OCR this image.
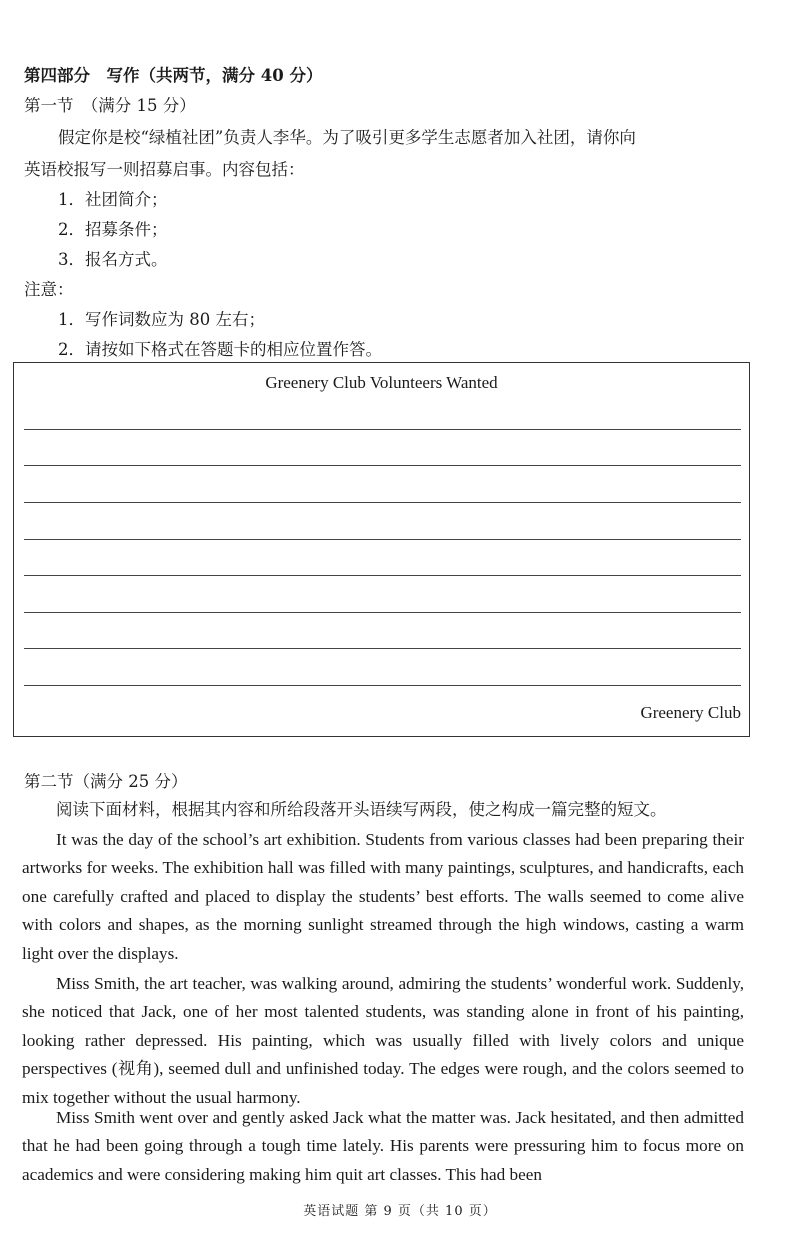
第四部分　写作（共两节，满分 40 分）
第一节　（满分 15 分）
假定你是校“绿植社团”负责人李华。为了吸引更多学生志愿者加入社团，请你向
英语校报写一则招募启事。内容包括：
1．社团简介；
2．招募条件；
3．报名方式。
注意：
1．写作词数应为 80 左右；
2．请按如下格式在答题卡的相应位置作答。
Greenery Club Volunteers Wanted
Greenery Club
第二节（满分 25 分）
阅读下面材料，根据其内容和所给段落开头语续写两段，使之构成一篇完整的短文。
It was the day of the school’s art exhibition. Students from various classes had been preparing their artworks for weeks. The exhibition hall was filled with many paintings, sculptures, and handicrafts, each one carefully crafted and placed to display the students’ best efforts. The walls seemed to come alive with colors and shapes, as the morning sunlight streamed through the high windows, casting a warm light over the displays.
Miss Smith, the art teacher, was walking around, admiring the students’ wonderful work. Suddenly, she noticed that Jack, one of her most talented students, was standing alone in front of his painting, looking rather depressed. His painting, which was usually filled with lively colors and unique perspectives (视角), seemed dull and unfinished today. The edges were rough, and the colors seemed to mix together without the usual harmony.
Miss Smith went over and gently asked Jack what the matter was. Jack hesitated, and then admitted that he had been going through a tough time lately. His parents were pressuring him to focus more on academics and were considering making him quit art classes. This had been
英语试题 第 9 页（共 10 页）
